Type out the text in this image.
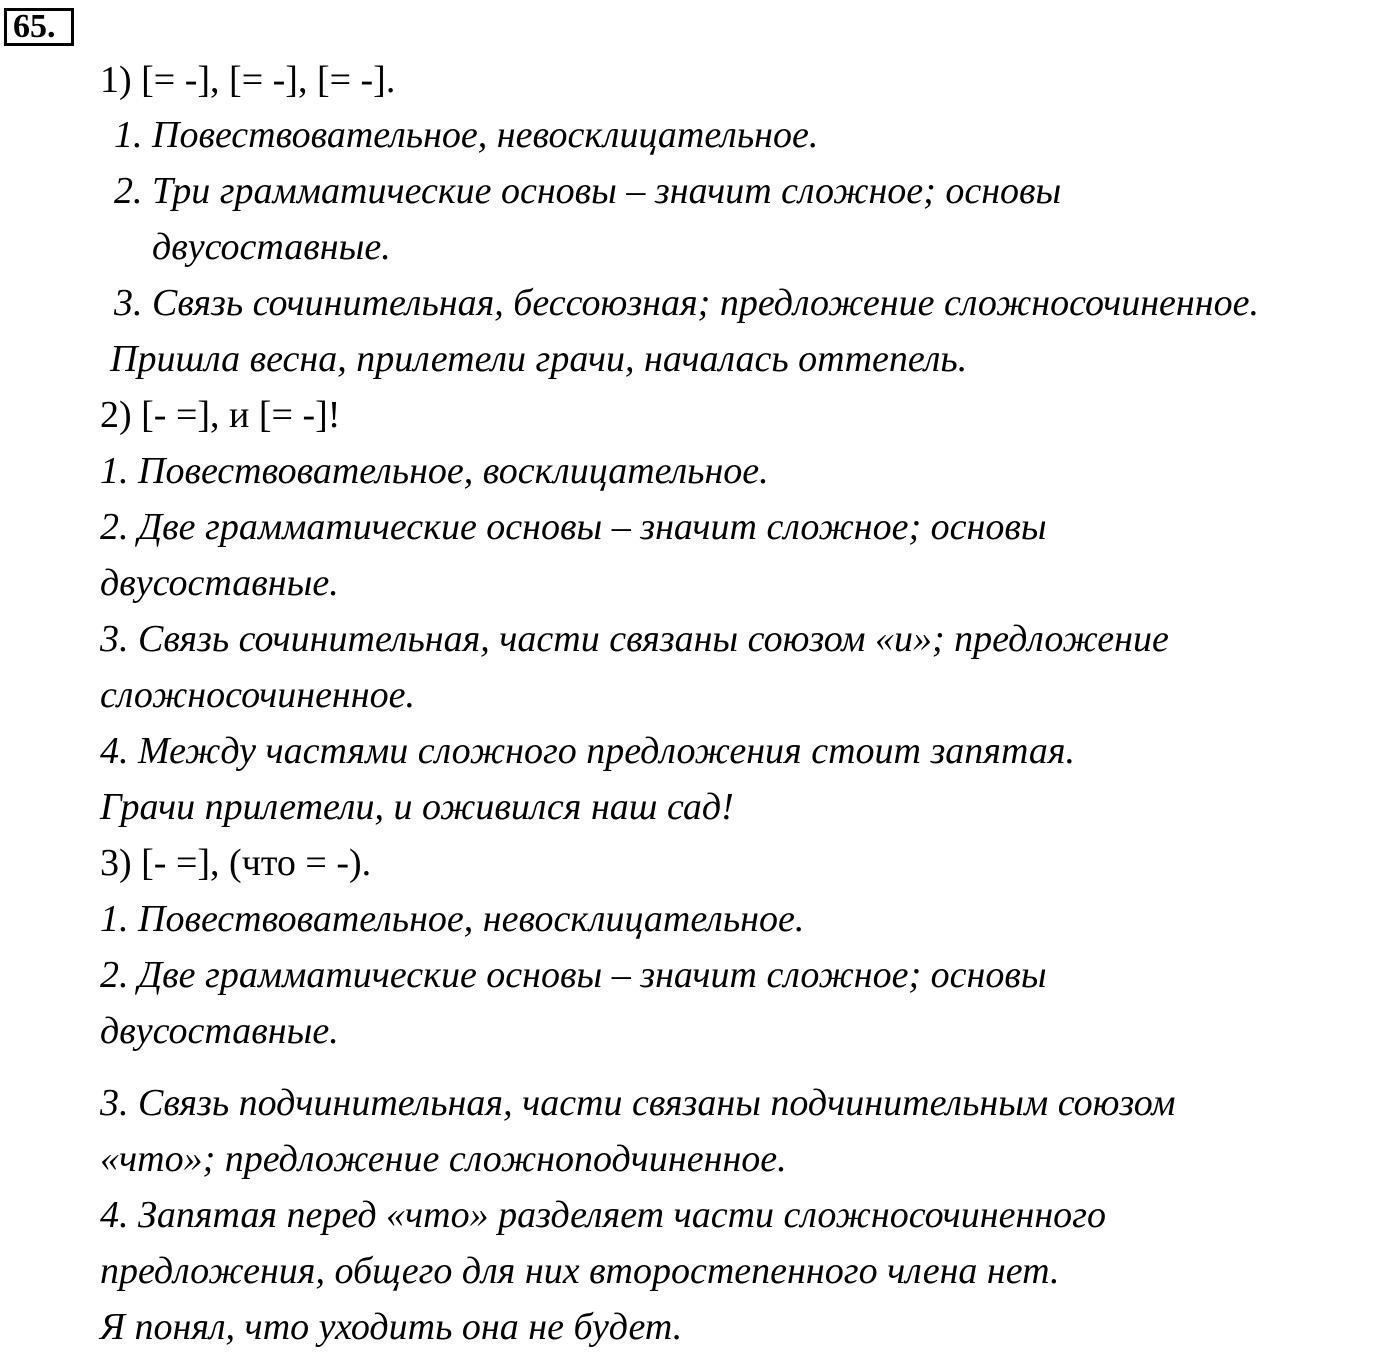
65.
1) [= -], [= -], [= -].
1. Повествовательное, невосклицательное.
2. Три грамматические основы – значит сложное; основы
двусоставные.
3. Связь сочинительная, бессоюзная; предложение сложносочиненное.
Пришла весна, прилетели грачи, началась оттепель.
2) [- =], и [= -]!
1. Повествовательное, восклицательное.
2. Две грамматические основы – значит сложное; основы
двусоставные.
3. Связь сочинительная, части связаны союзом «и»; предложение
сложносочиненное.
4. Между частями сложного предложения стоит запятая.
Грачи прилетели, и оживился наш сад!
3) [- =], (что = -).
1. Повествовательное, невосклицательное.
2. Две грамматические основы – значит сложное; основы
двусоставные.
3. Связь подчинительная, части связаны подчинительным союзом
«что»; предложение сложноподчиненное.
4. Запятая перед «что» разделяет части сложносочиненного
предложения, общего для них второстепенного члена нет.
Я понял, что уходить она не будет.
